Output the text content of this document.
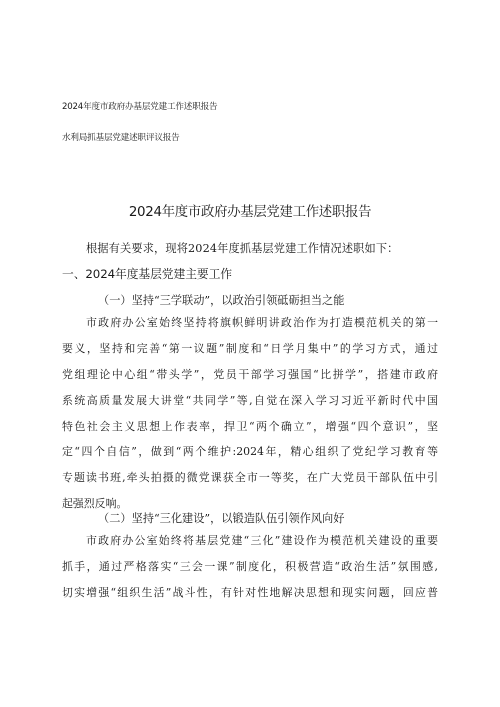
2024年度市政府办基层党建工作述职报告
水利局抓基层党建述职评议报告
2024年度市政府办基层党建工作述职报告
根据有关要求，现将2024年度抓基层党建工作情况述职如下：
一、2024年度基层党建主要工作
（一）坚持“三学联动”，以政治引领砥砺担当之能
市政府办公室始终坚持将旗帜鲜明讲政治作为打造模范机关的第一
要义，坚持和完善“第一议题”制度和“日学月集中”的学习方式，通过
党组理论中心组“带头学”，党员干部学习强国“比拼学”，搭建市政府
系统高质量发展大讲堂“共同学”等,自觉在深入学习习近平新时代中国
特色社会主义思想上作表率，捍卫“两个确立”，增强“四个意识”，坚
定“四个自信”，做到“两个维护:2024年，精心组织了党纪学习教育等
专题读书班,牵头拍摄的微党课获全市一等奖，在广大党员干部队伍中引
起强烈反响。
（二）坚持“三化建设”，以锻造队伍引领作风向好
市政府办公室始终将基层党建“三化”建设作为模范机关建设的重要
抓手，通过严格落实“三会一课”制度化，积极营造“政治生活”氛围感,
切实增强“组织生活”战斗性，有针对性地解决思想和现实问题，回应普
